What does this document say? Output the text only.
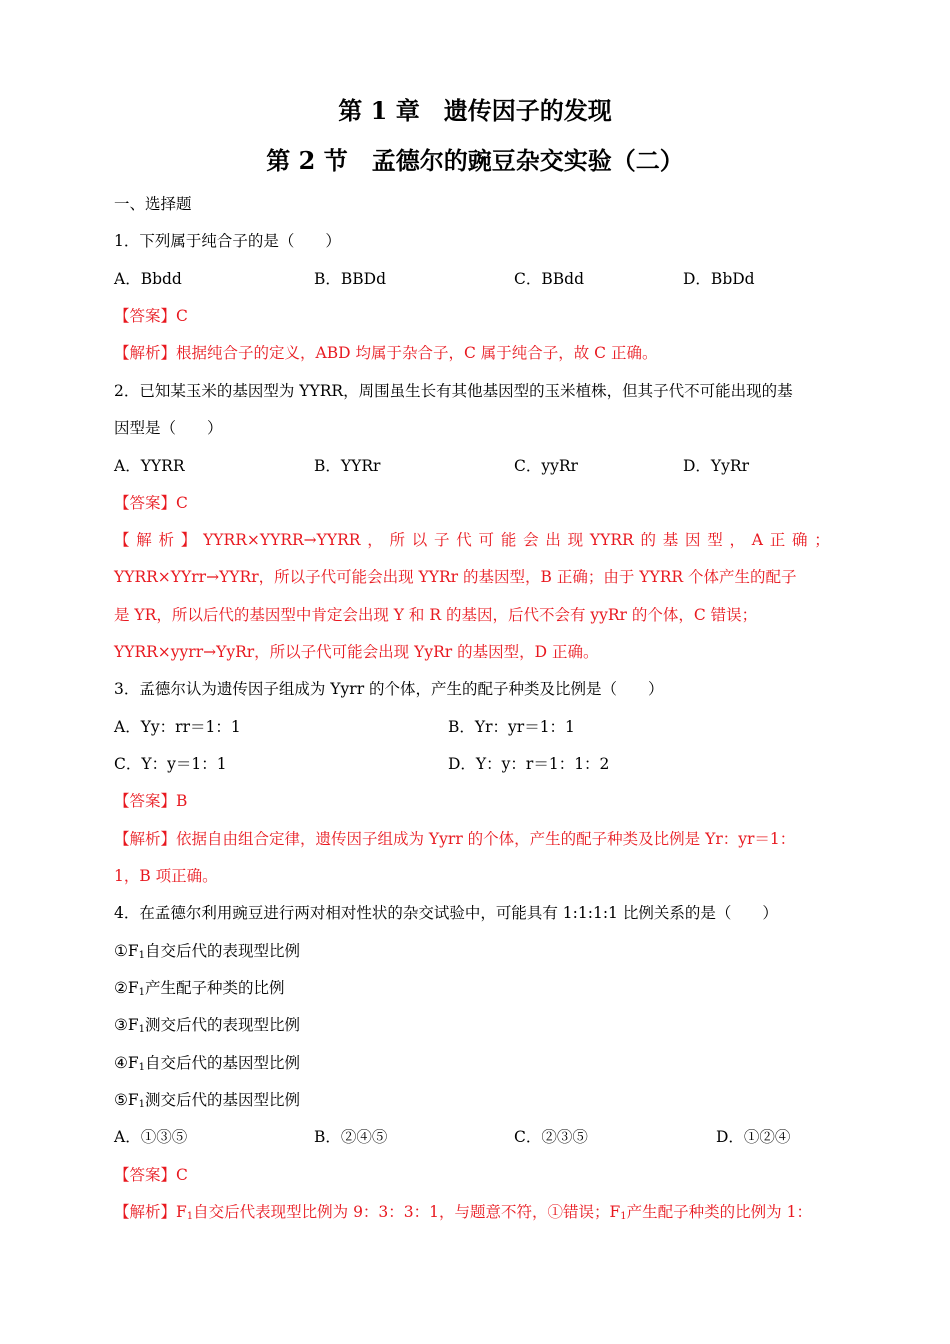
第 1 章　遗传因子的发现
第 2 节　孟德尔的豌豆杂交实验（二）
一、选择题
1．下列属于纯合子的是（　　）
A．Bbdd	B．BBDd	C．BBdd	D．BbDd
【答案】C
【解析】根据纯合子的定义，ABD 均属于杂合子，C 属于纯合子，故 C 正确。
2．已知某玉米的基因型为 YYRR，周围虽生长有其他基因型的玉米植株，但其子代不可能出现的基
因型是（　　）
A．YYRR	B．YYRr	C．yyRr	D．YyRr
【答案】C
【 解 析 】 YYRR×YYRR→YYRR ， 所 以 子 代 可 能 会 出 现 YYRR 的 基 因 型 ， A 正 确 ；
YYRR×YYrr→YYRr，所以子代可能会出现 YYRr 的基因型，B 正确；由于 YYRR 个体产生的配子
是 YR，所以后代的基因型中肯定会出现 Y 和 R 的基因，后代不会有 yyRr 的个体，C 错误；
YYRR×yyrr→YyRr，所以子代可能会出现 YyRr 的基因型，D 正确。
3．孟德尔认为遗传因子组成为 Yyrr 的个体，产生的配子种类及比例是（　　）
A．Yy：rr＝1：1	B．Yr：yr＝1：1
C．Y：y＝1：1	D．Y：y：r＝1：1：2
【答案】B
【解析】依据自由组合定律，遗传因子组成为 Yyrr 的个体，产生的配子种类及比例是 Yr：yr＝1：
1，B 项正确。
4．在孟德尔利用豌豆进行两对相对性状的杂交试验中，可能具有 1:1:1:1 比例关系的是（　　）
$①F_1$自交后代的表现型比例
$②F_1$产生配子种类的比例
$③F_1$测交后代的表现型比例
$④F_1$自交后代的基因型比例
$⑤F_1$测交后代的基因型比例
A．①③⑤	B．②④⑤	C．②③⑤	D．①②④
【答案】C
【解析】$F_1$自交后代表现型比例为 9：3：3：1，与题意不符，①错误；$F_1$产生配子种类的比例为 1：
